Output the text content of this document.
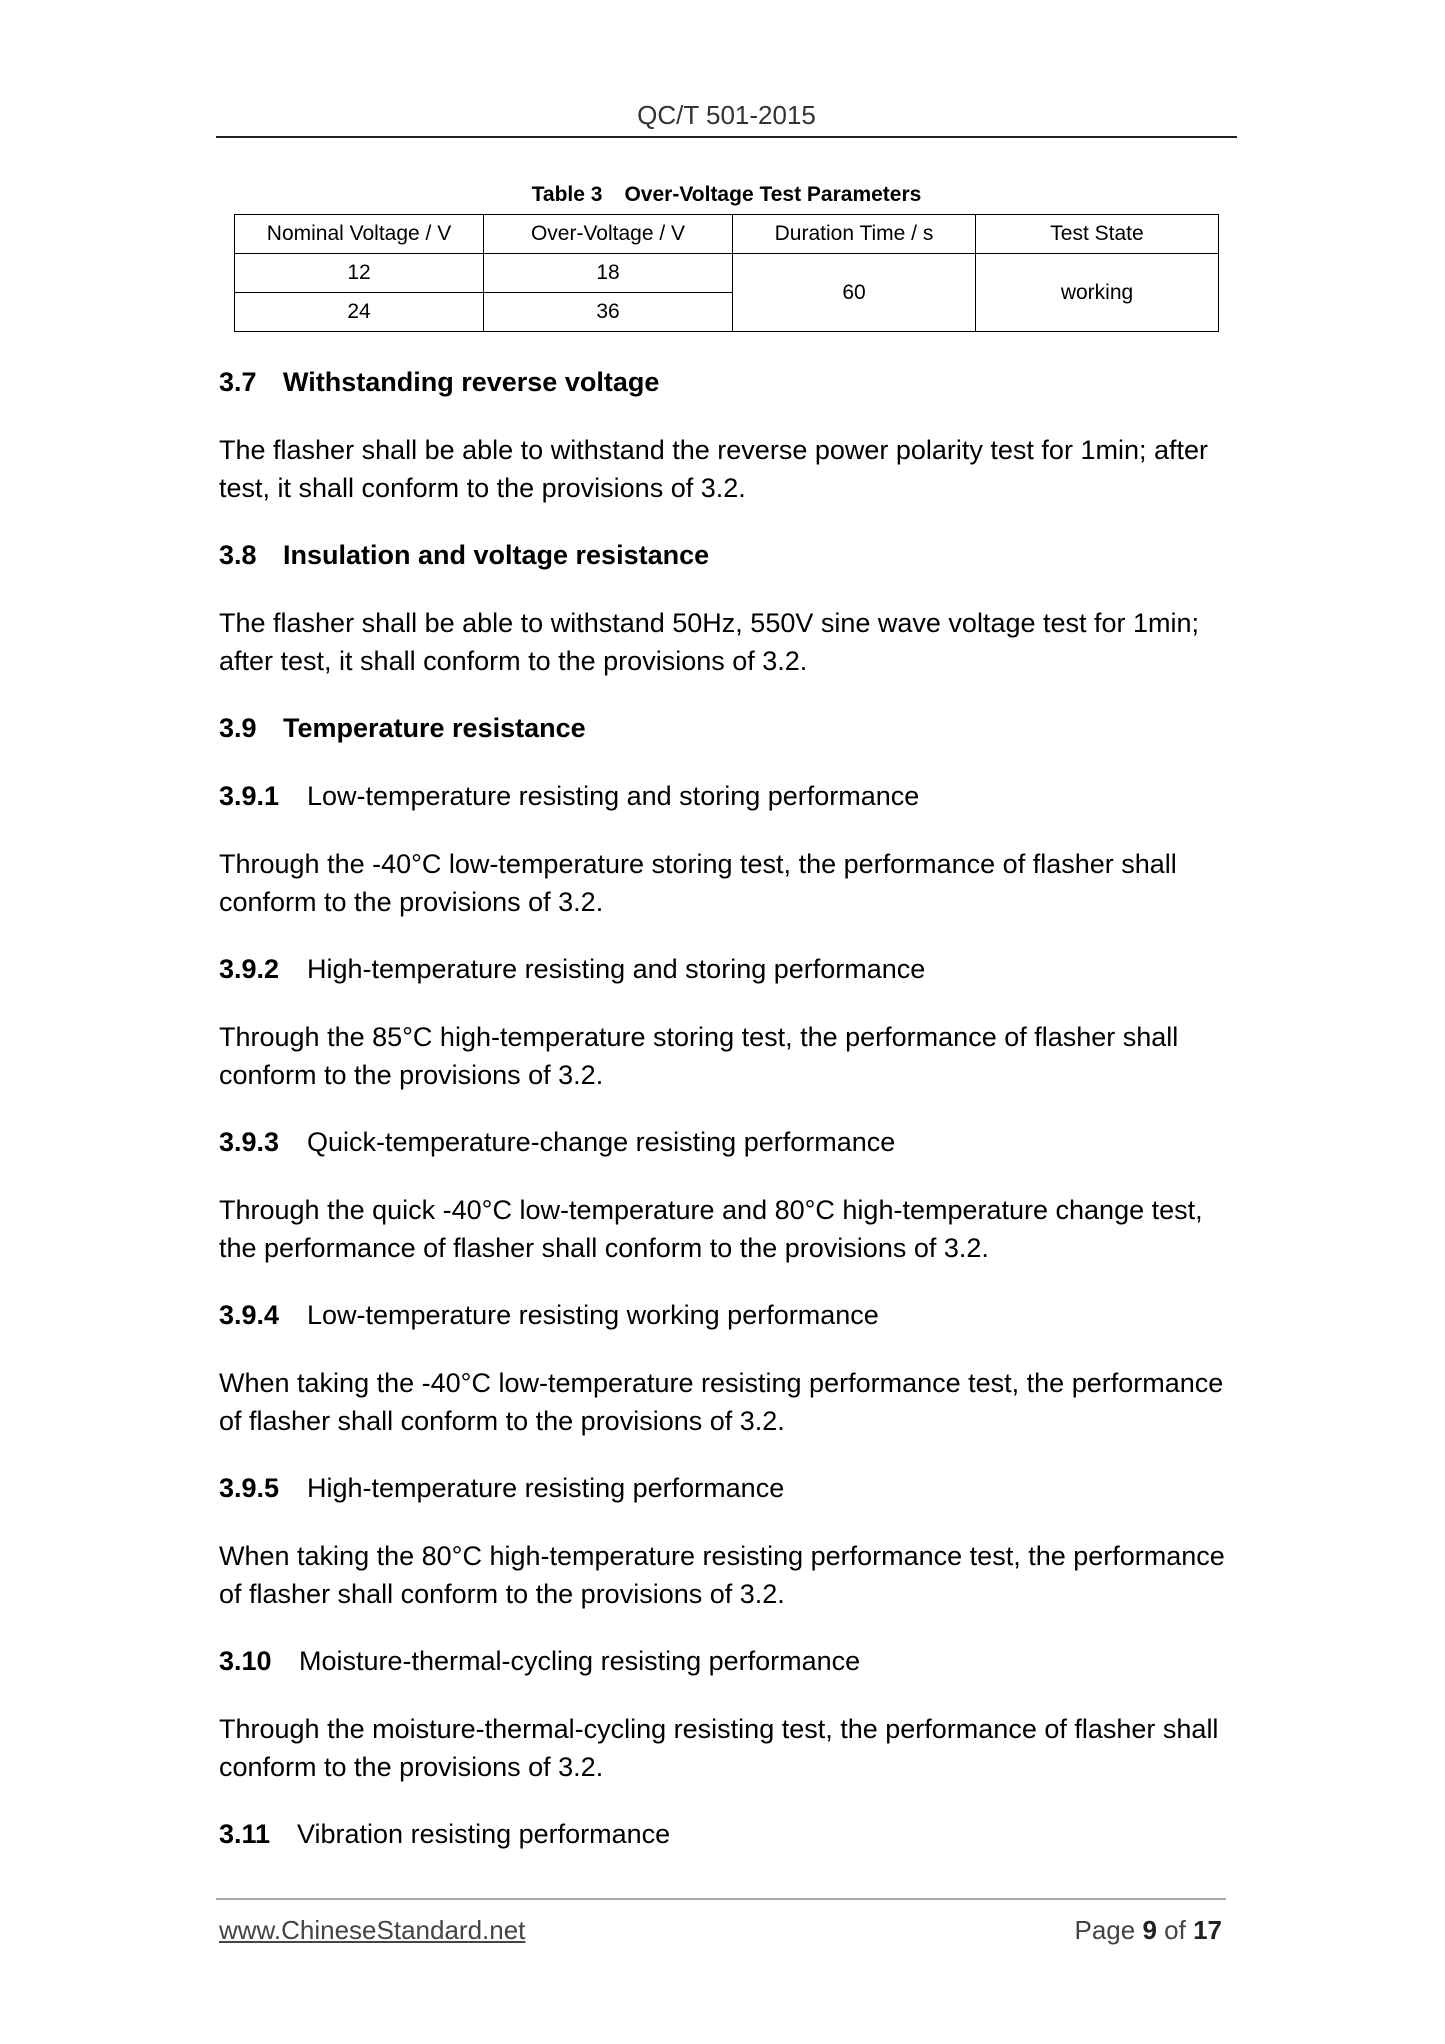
QC/T 501-2015
Table 3 Over-Voltage Test Parameters
Nominal Voltage / V	Over-Voltage / V	Duration Time / s	Test State
12	18	60	working
24	36		
3.7 Withstanding reverse voltage

The flasher shall be able to withstand the reverse power polarity test for 1min; after

test, it shall conform to the provisions of 3.2.

3.8 Insulation and voltage resistance

The flasher shall be able to withstand 50Hz, 550V sine wave voltage test for 1min;

after test, it shall conform to the provisions of 3.2.

3.9 Temperature resistance
3.9.1 Low-temperature resisting and storing performance

Through the -40°C low-temperature storing test, the performance of flasher shall

conform to the provisions of 3.2.

3.9.2 High-temperature resisting and storing performance

Through the 85°C high-temperature storing test, the performance of flasher shall

conform to the provisions of 3.2.

3.9.3 Quick-temperature-change resisting performance

Through the quick -40°C low-temperature and 80°C high-temperature change test,

the performance of flasher shall conform to the provisions of 3.2.

3.9.4 Low-temperature resisting working performance

When taking the -40°C low-temperature resisting performance test, the performance

of flasher shall conform to the provisions of 3.2.

3.9.5 High-temperature resisting performance

When taking the 80°C high-temperature resisting performance test, the performance

of flasher shall conform to the provisions of 3.2.

3.10 Moisture-thermal-cycling resisting performance

Through the moisture-thermal-cycling resisting test, the performance of flasher shall

conform to the provisions of 3.2.

3.11 Vibration resisting performance
www.ChineseStandard.net	Page 9 of 17
